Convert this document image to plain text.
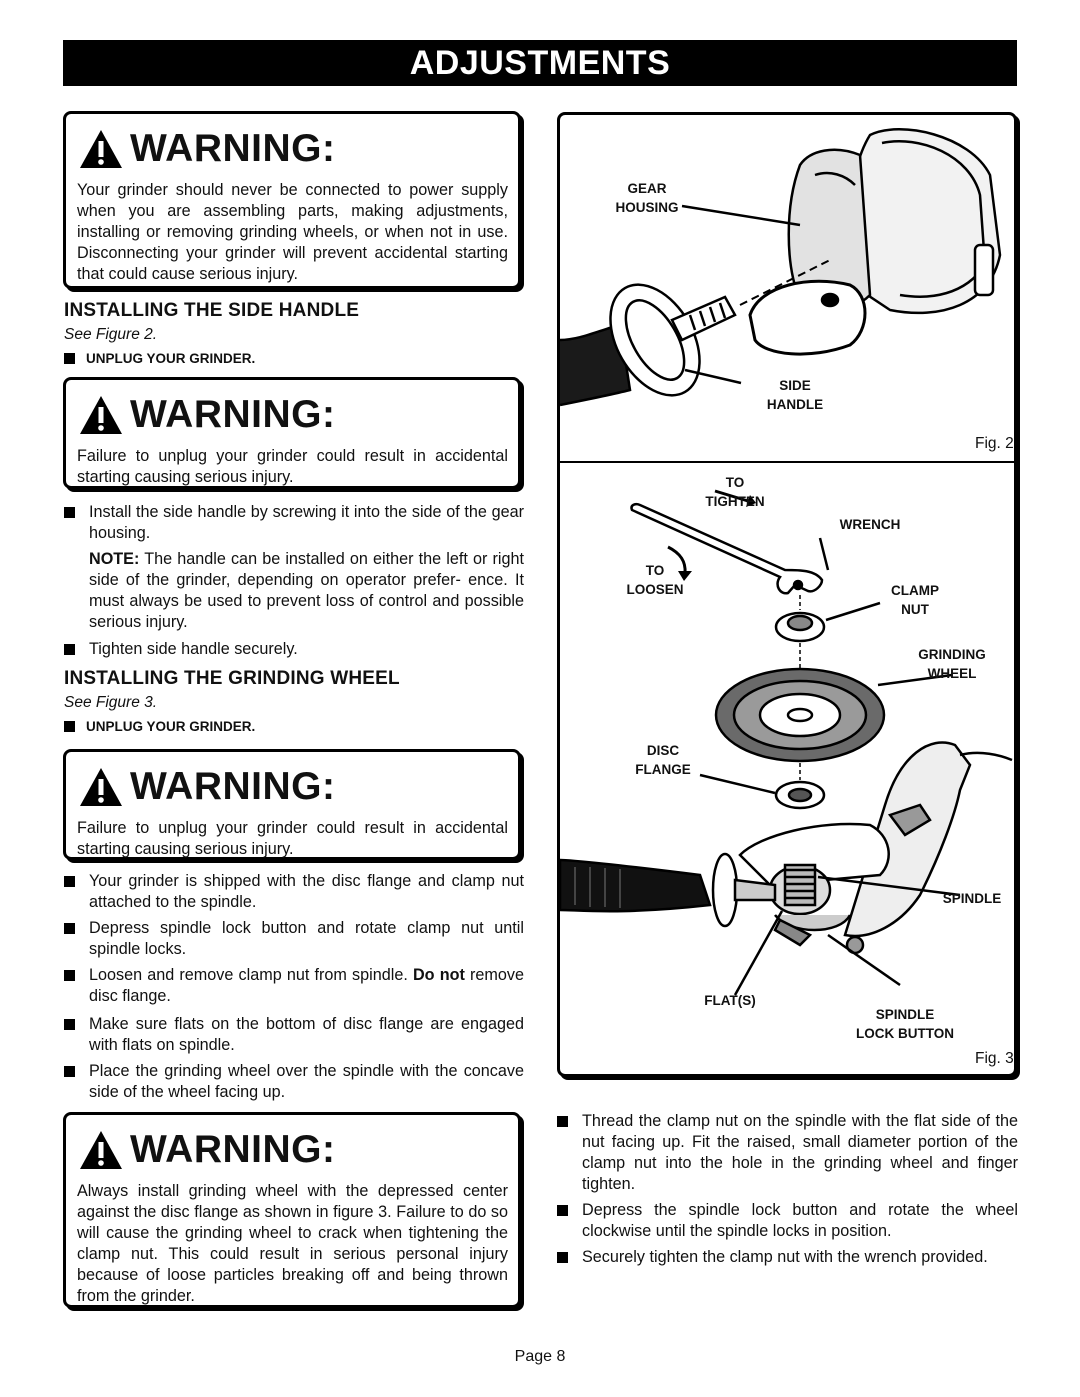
ADJUSTMENTS
WARNING:
Your grinder should never be connected to power supply when you are assembling parts, making adjustments, installing or removing grinding wheels, or when not in use. Disconnecting your grinder will prevent accidental starting that could cause serious injury.
INSTALLING THE SIDE HANDLE
See Figure 2.
UNPLUG YOUR GRINDER.
WARNING:
Failure to unplug your grinder could result in accidental starting causing serious injury.
Install the side handle by screwing it into the side of the gear housing.
NOTE: The handle can be installed on either the left or right side of the grinder, depending on operator prefer- ence. It must always be used to prevent loss of control and possible serious injury.
Tighten side handle securely.
INSTALLING THE GRINDING WHEEL
See Figure 3.
UNPLUG YOUR GRINDER.
WARNING:
Failure to unplug your grinder could result in accidental starting causing serious injury.
Your grinder is shipped with the disc flange and clamp nut attached to the spindle.
Depress spindle lock button and rotate clamp nut until spindle locks.
Loosen and remove clamp nut from spindle. Do not remove disc flange.
Make sure flats on the bottom of disc flange are engaged with flats on spindle.
Place the grinding wheel over the spindle with the concave side of the wheel facing up.
WARNING:
Always install grinding wheel with the depressed center against the disc flange as shown in figure 3. Failure to do so will cause the grinding wheel to crack when tightening the clamp nut. This could result in serious personal injury because of loose particles breaking off and being thrown from the grinder.
GEAR
HOUSING
SIDE
HANDLE
Fig. 2
TO
TIGHTEN
WRENCH
TO
LOOSEN	CLAMP
NUT
GRINDING
WHEEL
DISC
FLANGE
SPINDLE
FLAT(S)
SPINDLE
LOCK BUTTON
Fig. 3
Thread the clamp nut on the spindle with the flat side of the nut facing up. Fit the raised, small diameter portion of the clamp nut into the hole in the grinding wheel and finger tighten.
Depress the spindle lock button and rotate the wheel clockwise until the spindle locks in position.
Securely tighten the clamp nut with the wrench provided.
Page 8
